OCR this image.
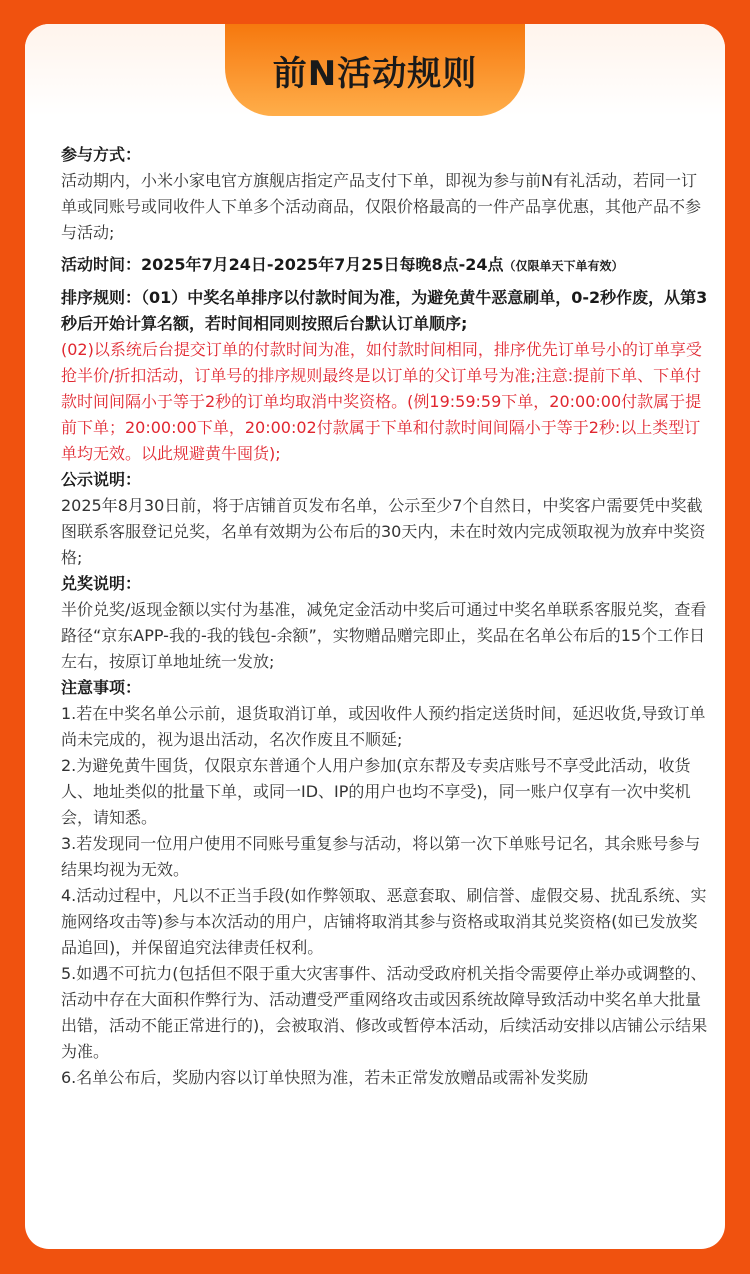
前N活动规则

参与方式：

活动期内，小米小家电官方旗舰店指定产品支付下单，即视为参与前N有礼活动，若同一订单或同账号或同收件人下单多个活动商品，仅限价格最高的一件产品享优惠，其他产品不参与活动;

活动时间：2025年7月24日-2025年7月25日每晚8点-24点（仅限单天下单有效）

排序规则：（01）中奖名单排序以付款时间为准，为避免黄牛恶意刷单，0-2秒作废，从第3秒后开始计算名额，若时间相同则按照后台默认订单顺序;

(02)以系统后台提交订单的付款时间为准，如付款时间相同，排序优先订单号小的订单享受抢半价/折扣活动，订单号的排序规则最终是以订单的父订单号为准;注意:提前下单、下单付款时间间隔小于等于2秒的订单均取消中奖资格。(例19:59:59下单，20:00:00付款属于提前下单；20:00:00下单，20:00:02付款属于下单和付款时间间隔小于等于2秒:以上类型订单均无效。以此规避黄牛囤货);

公示说明：

2025年8月30日前，将于店铺首页发布名单，公示至少7个自然日，中奖客户需要凭中奖截图联系客服登记兑奖，名单有效期为公布后的30天内，未在时效内完成领取视为放弃中奖资格;

兑奖说明：

半价兑奖/返现金额以实付为基准，减免定金活动中奖后可通过中奖名单联系客服兑奖，查看路径“京东APP-我的-我的钱包-余额”，实物赠品赠完即止，奖品在名单公布后的15个工作日左右，按原订单地址统一发放;

注意事项：

1.若在中奖名单公示前，退货取消订单，或因收件人预约指定送货时间，延迟收货,导致订单尚未完成的，视为退出活动，名次作废且不顺延;

2.为避免黄牛囤货，仅限京东普通个人用户参加(京东帮及专卖店账号不享受此活动，收货人、地址类似的批量下单，或同一ID、IP的用户也均不享受)，同一账户仅享有一次中奖机会，请知悉。

3.若发现同一位用户使用不同账号重复参与活动，将以第一次下单账号记名，其余账号参与结果均视为无效。

4.活动过程中，凡以不正当手段(如作弊领取、恶意套取、刷信誉、虚假交易、扰乱系统、实施网络攻击等)参与本次活动的用户，店铺将取消其参与资格或取消其兑奖资格(如已发放奖品追回)，并保留追究法律责任权利。

5.如遇不可抗力(包括但不限于重大灾害事件、活动受政府机关指令需要停止举办或调整的、活动中存在大面积作弊行为、活动遭受严重网络攻击或因系统故障导致活动中奖名单大批量出错，活动不能正常进行的)，会被取消、修改或暂停本活动，后续活动安排以店铺公示结果为准。

6.名单公布后，奖励内容以订单快照为准，若未正常发放赠品或需补发奖励
